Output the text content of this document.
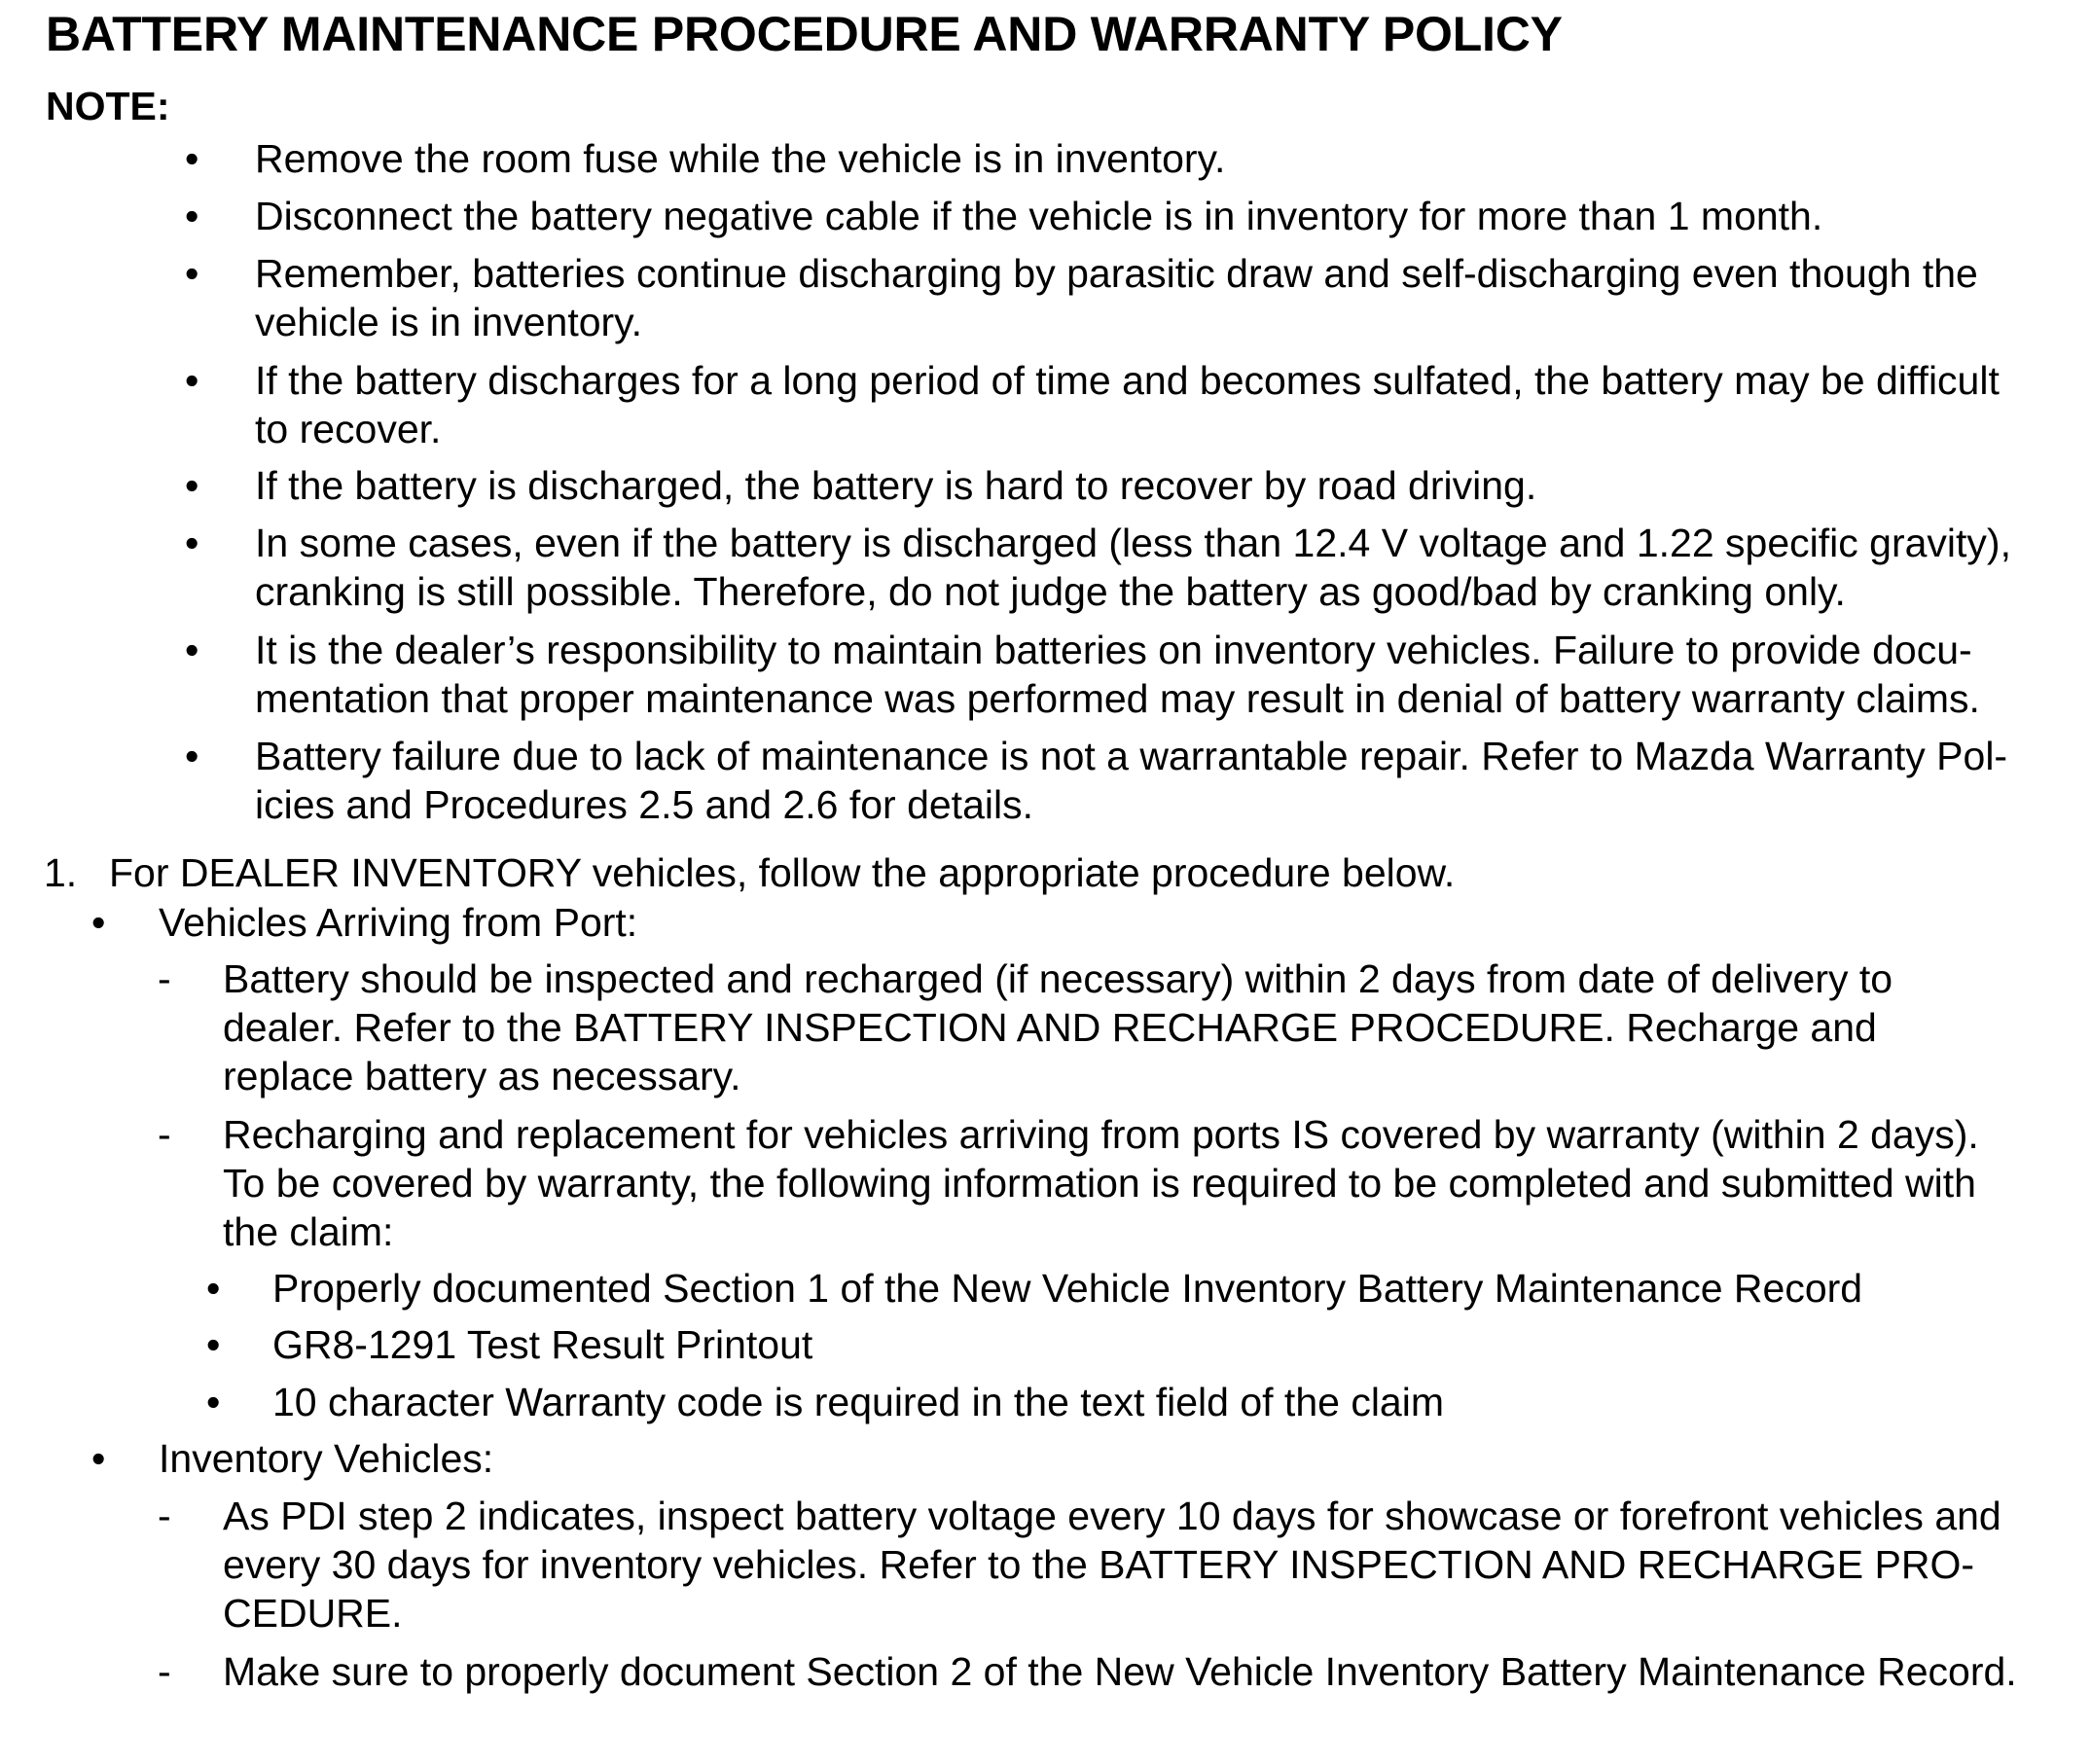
BATTERY MAINTENANCE PROCEDURE AND WARRANTY POLICY
NOTE:
• Remove the room fuse while the vehicle is in inventory.
• Disconnect the battery negative cable if the vehicle is in inventory for more than 1 month.
• Remember, batteries continue discharging by parasitic draw and self-discharging even though the
vehicle is in inventory.
• If the battery discharges for a long period of time and becomes sulfated, the battery may be difficult
to recover.
• If the battery is discharged, the battery is hard to recover by road driving.
• In some cases, even if the battery is discharged (less than 12.4 V voltage and 1.22 specific gravity),
cranking is still possible. Therefore, do not judge the battery as good/bad by cranking only.
• It is the dealer’s responsibility to maintain batteries on inventory vehicles. Failure to provide docu-
mentation that proper maintenance was performed may result in denial of battery warranty claims.
• Battery failure due to lack of maintenance is not a warrantable repair. Refer to Mazda Warranty Pol-
icies and Procedures 2.5 and 2.6 for details.
1. For DEALER INVENTORY vehicles, follow the appropriate procedure below.
• Vehicles Arriving from Port:
- Battery should be inspected and recharged (if necessary) within 2 days from date of delivery to
dealer. Refer to the BATTERY INSPECTION AND RECHARGE PROCEDURE. Recharge and
replace battery as necessary.
- Recharging and replacement for vehicles arriving from ports IS covered by warranty (within 2 days).
To be covered by warranty, the following information is required to be completed and submitted with
the claim:
• Properly documented Section 1 of the New Vehicle Inventory Battery Maintenance Record
• GR8-1291 Test Result Printout
• 10 character Warranty code is required in the text field of the claim
• Inventory Vehicles:
- As PDI step 2 indicates, inspect battery voltage every 10 days for showcase or forefront vehicles and
every 30 days for inventory vehicles. Refer to the BATTERY INSPECTION AND RECHARGE PRO-
CEDURE.
- Make sure to properly document Section 2 of the New Vehicle Inventory Battery Maintenance Record.
